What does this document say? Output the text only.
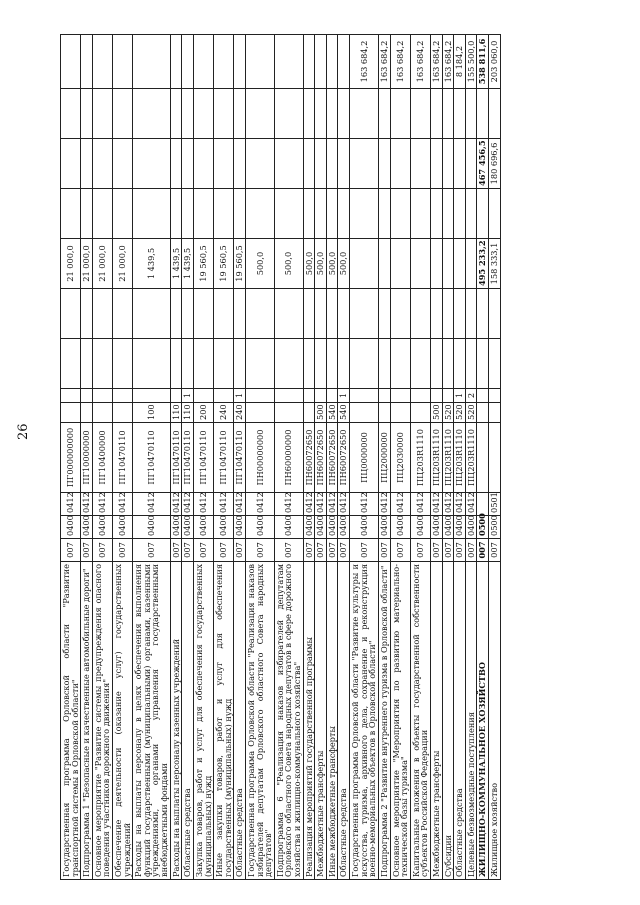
26
Государственная программа Орловской области "Развитие транспортной системы в Орловской области"	007	0400	0412	ПГ000000000					21 000,0				
Подпрограмма 1 "Безопасные и качественные автомобильные дороги"	007	0400	0412	ПГ10000000					21 000,0				
Основное мероприятие "Развитие системы предупреждения опасного поведения участников дорожного движения"	007	0400	0412	ПГ10400000					21 000,0				
Обеспечение деятельности (оказание услуг) государственных учреждений	007	0400	0412	ПГ10470110					21 000,0				
Расходы на выплаты персоналу в целях обеспечения выполнения функций государственными (муниципальными) органами, казенными учреждениями, органами управления государственными внебюджетными фондами	007	0400	0412	ПГ10470110	100				1 439,5				
Расходы на выплаты персоналу казенных учреждений	007	0400	0412	ПГ10470110	110				1 439,5				
Областные средства	007	0400	0412	ПГ10470110	110	1			1 439,5				
Закупка товаров, работ и услуг для обеспечения государственных (муниципальных) нужд	007	0400	0412	ПГ10470110	200				19 560,5				
Иные закупки товаров, работ и услуг для обеспечения государственных (муниципальных) нужд	007	0400	0412	ПГ10470110	240				19 560,5				
Областные средства	007	0400	0412	ПГ10470110	240	1			19 560,5				
Государственная программа Орловской области "Реализация наказов избирателей депутатам Орловского областного Совета народных депутатов"	007	0400	0412	ПН00000000					500,0				
Подпрограмма 6 "Реализация наказов избирателей депутатам Орловского областного Совета народных депутатов в сфере дорожного хозяйства и жилищно-коммунального хозяйства"	007	0400	0412	ПН60000000					500,0				
Реализация мероприятий государственной программы	007	0400	0412	ПН60072650					500,0				
Межбюджетные трансферты	007	0400	0412	ПН60072650	500				500,0				
Иные межбюджетные трансферты	007	0400	0412	ПН60072650	540				500,0				
Областные средства	007	0400	0412	ПН60072650	540	1			500,0				
Государственная программа Орловской области "Развитие культуры и искусства, туризма, архивного дела, сохранение и реконструкция военно-мемориальных объектов в Орловской области"	007	0400	0412	ПЦ0000000									163 684,2
Подпрограмма 2 "Развитие внутреннего туризма в Орловской области"	007	0400	0412	ПЦ2000000									163 684,2
Основное мероприятие "Мероприятия по развитию материально-технической базы туризма"	007	0400	0412	ПЦ2030000									163 684,2
Капитальные вложения в объекты государственной собственности субъектов Российской Федерации	007	0400	0412	ПЦ203R1110									163 684,2
Межбюджетные трансферты	007	0400	0412	ПЦ203R1110	500								163 684,2
Субсидии	007	0400	0412	ПЦ203R1110	520								163 684,2
Областные средства	007	0400	0412	ПЦ203R1110	520	1							8 184,2
Целевые безвозмездные поступления	007	0400	0412	ПЦ203R1110	520	2							155 500,0
ЖИЛИЩНО-КОММУНАЛЬНОЕ ХОЗЯЙСТВО	007	0500							495 233,2		467 456,5		538 811,6
Жилищное хозяйство	007	0500	0501						158 333,1		180 696,6		203 060,0
